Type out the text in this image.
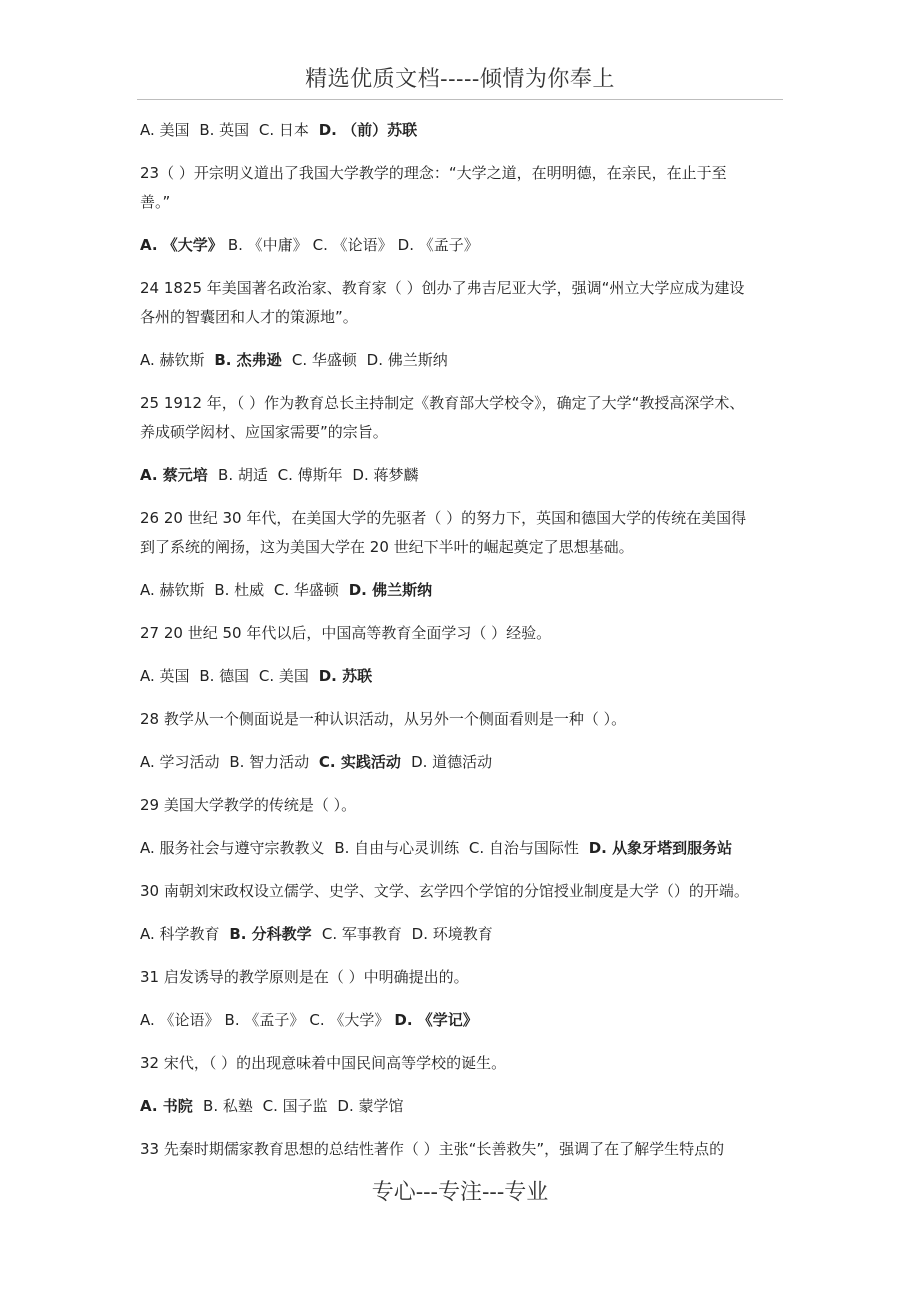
精选优质文档-----倾情为你奉上
A. 美国 B. 英国 C. 日本 D. （前）苏联
23（ ）开宗明义道出了我国大学教学的理念：“大学之道，在明明德，在亲民，在止于至
善。”
A. 《大学》 B. 《中庸》 C. 《论语》 D. 《孟子》
24 1825 年美国著名政治家、教育家（ ）创办了弗吉尼亚大学，强调“州立大学应成为建设
各州的智囊团和人才的策源地”。
A. 赫钦斯 B. 杰弗逊 C. 华盛顿 D. 佛兰斯纳
25 1912 年，（ ）作为教育总长主持制定《教育部大学校令》，确定了大学“教授高深学术、
养成硕学闳材、应国家需要”的宗旨。
A. 蔡元培 B. 胡适 C. 傅斯年 D. 蒋梦麟
26 20 世纪 30 年代，在美国大学的先驱者（ ）的努力下，英国和德国大学的传统在美国得
到了系统的阐扬，这为美国大学在 20 世纪下半叶的崛起奠定了思想基础。
A. 赫钦斯 B. 杜威 C. 华盛顿 D. 佛兰斯纳
27 20 世纪 50 年代以后，中国高等教育全面学习（ ）经验。
A. 英国 B. 德国 C. 美国 D. 苏联
28 教学从一个侧面说是一种认识活动，从另外一个侧面看则是一种（ ）。
A. 学习活动 B. 智力活动 C. 实践活动 D. 道德活动
29 美国大学教学的传统是（ ）。
A. 服务社会与遵守宗教教义 B. 自由与心灵训练 C. 自治与国际性 D. 从象牙塔到服务站
30 南朝刘宋政权设立儒学、史学、文学、玄学四个学馆的分馆授业制度是大学（）的开端。
A. 科学教育 B. 分科教学 C. 军事教育 D. 环境教育
31 启发诱导的教学原则是在（ ）中明确提出的。
A. 《论语》 B. 《孟子》 C. 《大学》 D. 《学记》
32 宋代，（ ）的出现意味着中国民间高等学校的诞生。
A. 书院 B. 私塾 C. 国子监 D. 蒙学馆
33 先秦时期儒家教育思想的总结性著作（ ）主张“长善救失”，强调了在了解学生特点的
专心---专注---专业
